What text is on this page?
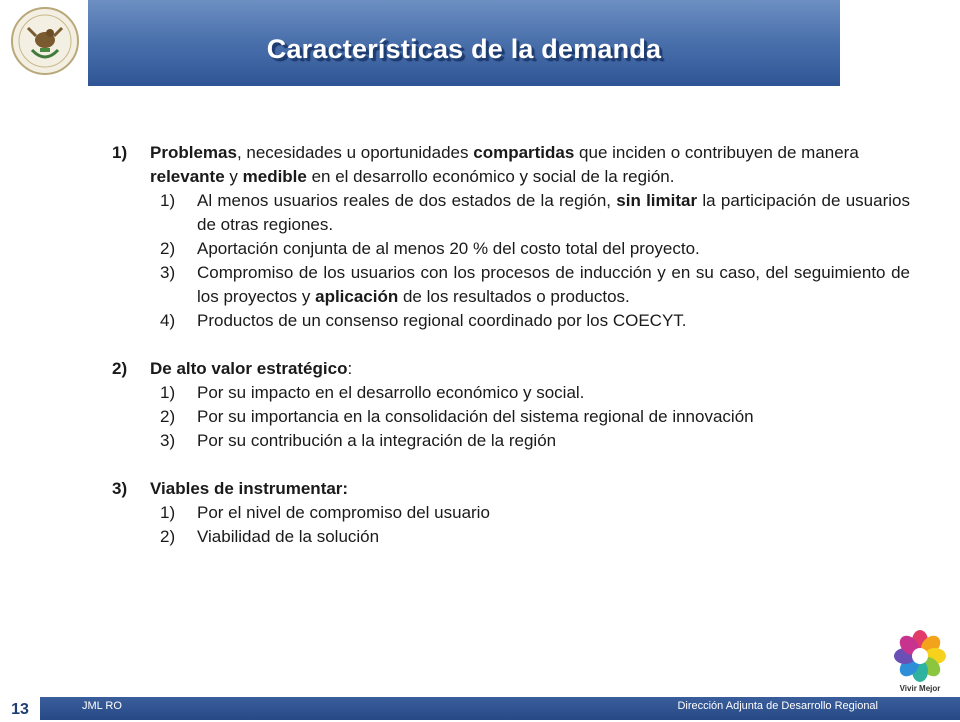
Características de la demanda
CONACYT
1) Problemas, necesidades u oportunidades compartidas que inciden o contribuyen de manera relevante y medible en el desarrollo económico y social de la región.
1)	Al menos usuarios reales de dos estados de la región, sin limitar la participación de usuarios de otras regiones.
2)	Aportación conjunta de al menos 20 % del costo total del proyecto.
3)	Compromiso de los usuarios con los procesos de inducción y en su caso, del seguimiento de los proyectos y aplicación de los resultados o productos.
4)	Productos de un consenso regional coordinado por los COECYT.
2) De alto valor estratégico:
1)	Por su impacto en el desarrollo económico y social.
2)	Por su importancia en la consolidación del sistema regional de innovación
3)	Por su contribución a la integración de la región
3) Viables de instrumentar:
1)	Por el nivel de compromiso del usuario
2)	Viabilidad de la solución
Vivir Mejor
13	JML RO	Dirección Adjunta de Desarrollo Regional
